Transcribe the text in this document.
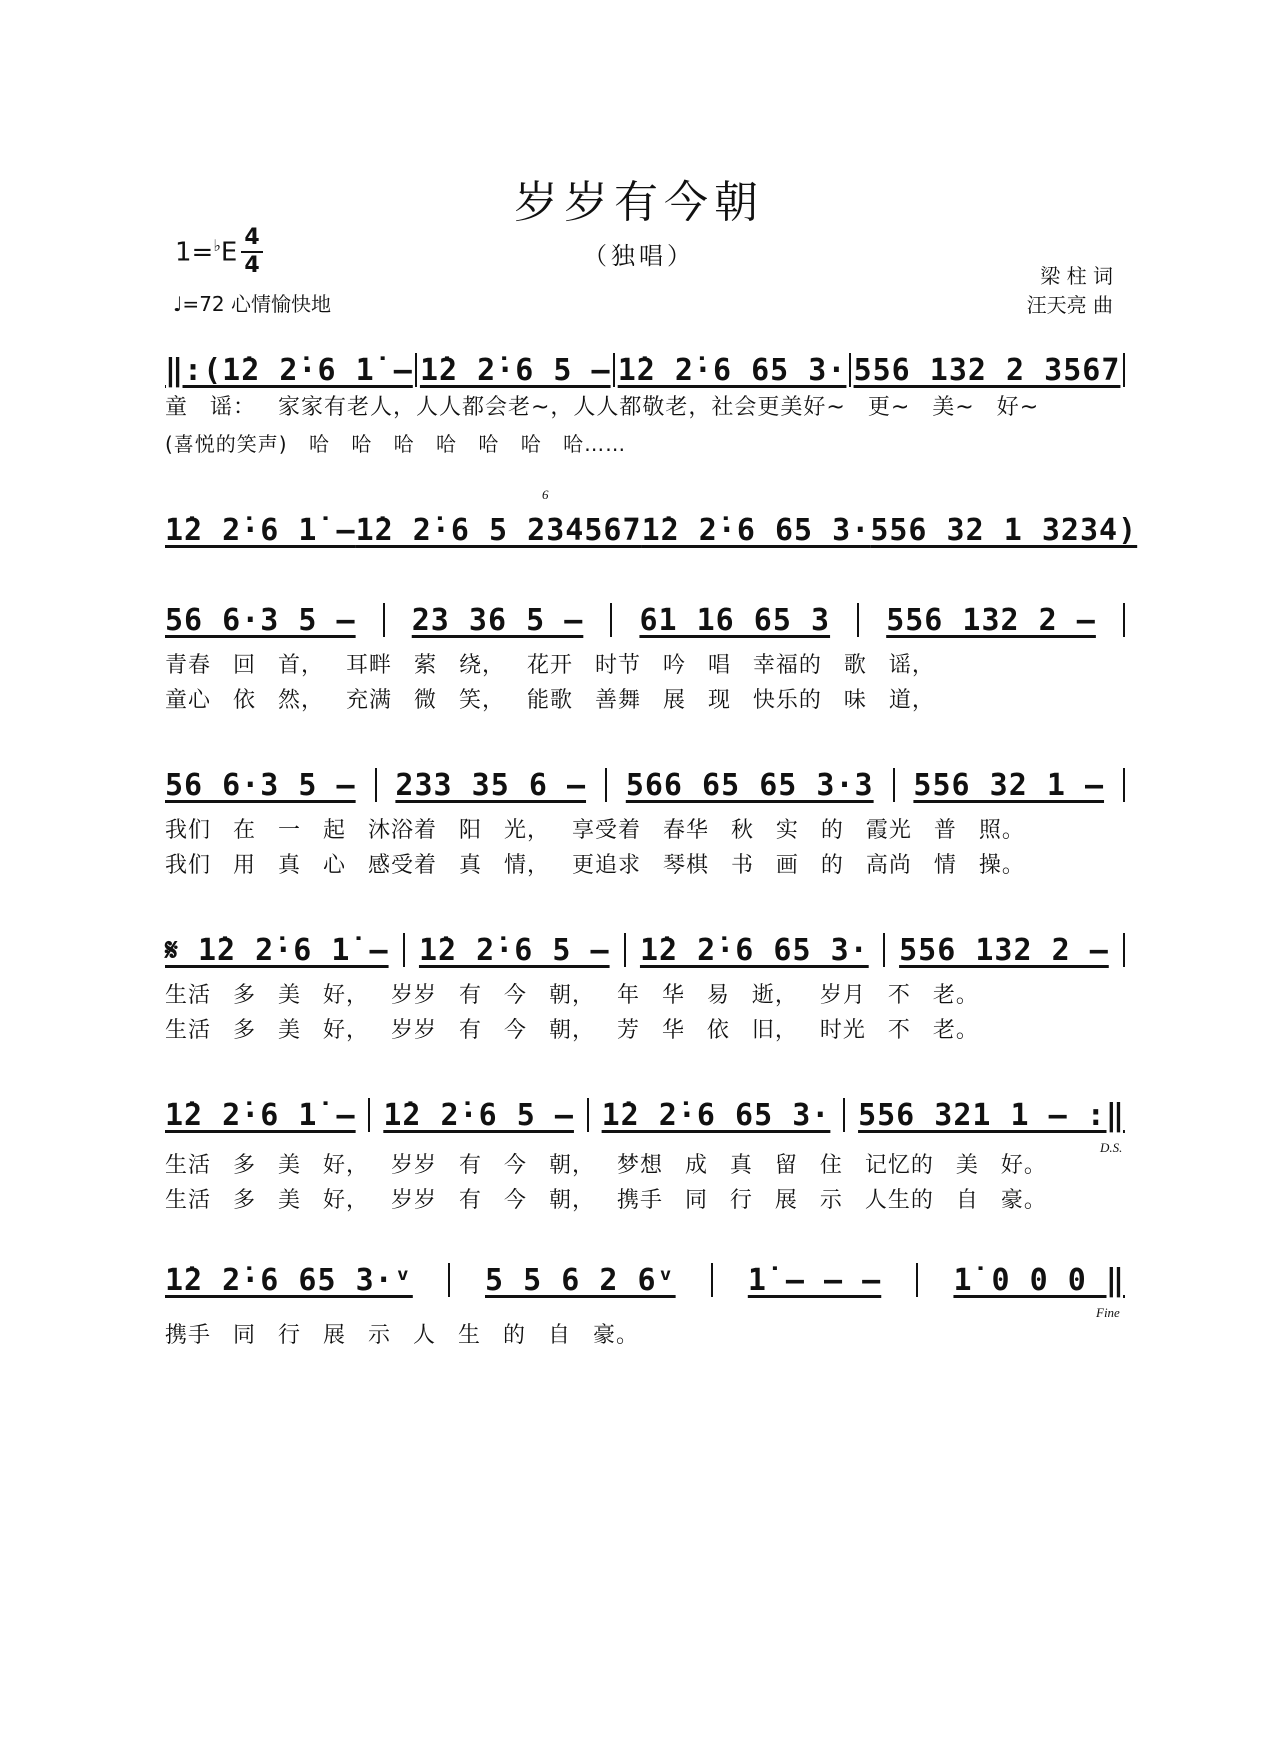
岁岁有今朝
（独唱）
1=♭E
4
4
♩=72 心情愉快地
梁 柱 词
汪天亮 曲
‖:(1̇2 2̇·6 1̇ – 1̇2 2̇·6 5 – 1̇2 2̇·6 65 3· 556 132 2 3567
童 谣： 家家有老人，人人都会老~，人人都敬老，社会更美好~ 更~ 美~ 好~
(喜悦的笑声) 哈 哈 哈 哈 哈 哈 哈……
6
1̇2 2̇·6 1̇ – 1̇2 2̇·6 5 234567 1̇2 2̇·6 65 3· 556 32 1 3234)
56 6·3 5 – 23 36 5 – 61 16 65 3 556 132 2 –
青春 回 首， 耳畔 萦 绕， 花开 时节 吟 唱 幸福的 歌 谣，
童心 依 然， 充满 微 笑， 能歌 善舞 展 现 快乐的 味 道，
56 6·3 5 – 233 35 6 – 566 65 65 3·3 556 32 1 –
我们 在 一 起 沐浴着 阳 光， 享受着 春华 秋 实 的 霞光 普 照。
我们 用 真 心 感受着 真 情， 更追求 琴棋 书 画 的 高尚 情 操。
𝄋 1̇2 2̇·6 1̇ – 1̇2 2̇·6 5 – 1̇2 2̇·6 65 3· 556 132 2 –
生活 多 美 好， 岁岁 有 今 朝， 年 华 易 逝， 岁月 不 老。
生活 多 美 好， 岁岁 有 今 朝， 芳 华 依 旧， 时光 不 老。
1̇2 2̇·6 1̇ – 1̇2 2̇·6 5 – 1̇2 2̇·6 65 3· 556 321 1 – :‖
D.S.
生活 多 美 好， 岁岁 有 今 朝， 梦想 成 真 留 住 记忆的 美 好。
生活 多 美 好， 岁岁 有 今 朝， 携手 同 行 展 示 人生的 自 豪。
1̇2 2̇·6 65 3·ᵛ 5 5 6 2 6ᵛ 1̇ – – – 1̇ 0 0 0 ‖
Fine
携手 同 行 展 示 人 生 的 自 豪。
